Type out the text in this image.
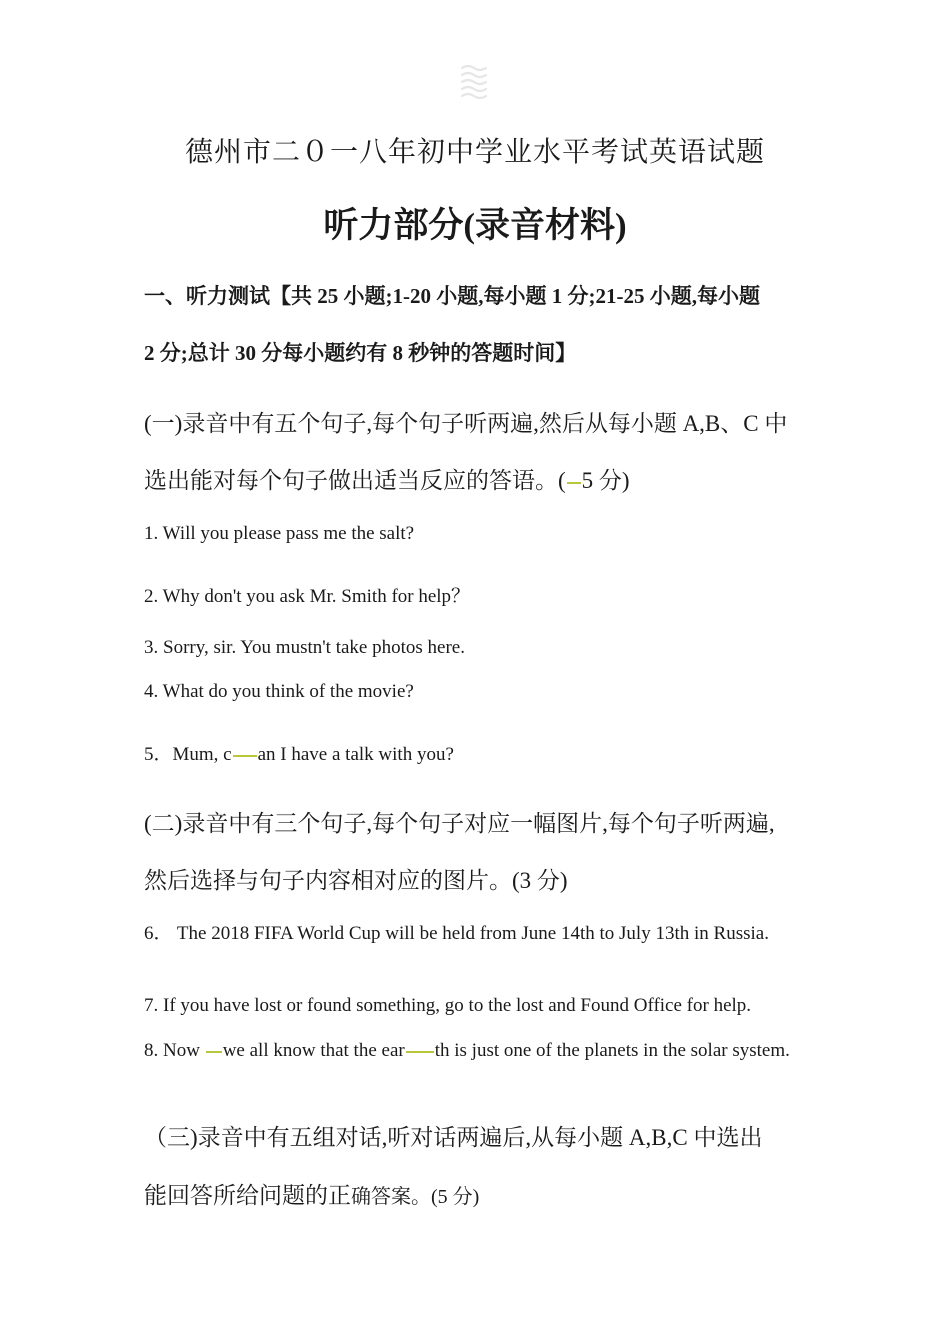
德州市二０一八年初中学业水平考试英语试题
听力部分(录音材料)
一、听力测试【共 25 小题;1-20 小题,每小题 1 分;21-25 小题,每小题
2 分;总计 30 分每小题约有 8 秒钟的答题时间】
(一)录音中有五个句子,每个句子听两遍,然后从每小题 A,B、C 中
选出能对每个句子做出适当反应的答语。( 5 分)
1. Will you please pass me the salt?
2. Why don't you ask Mr. Smith for help？
3. Sorry, sir. You mustn't take photos here.
4. What do you think of the movie?
5．Mum, c an I have a talk with you?
(二)录音中有三个句子,每个句子对应一幅图片,每个句子听两遍,
然后选择与句子内容相对应的图片。(3 分)
6． The 2018 FIFA World Cup will be held from June 14th to July 13th in Russia.
7. If you have lost or found something, go to the lost and Found Office for help.
8. Now we all know that the ear th is just one of the planets in the solar system.
（三)录音中有五组对话,听对话两遍后,从每小题 A,B,C 中选出
能回答所给问题的正确答案。(5 分)
